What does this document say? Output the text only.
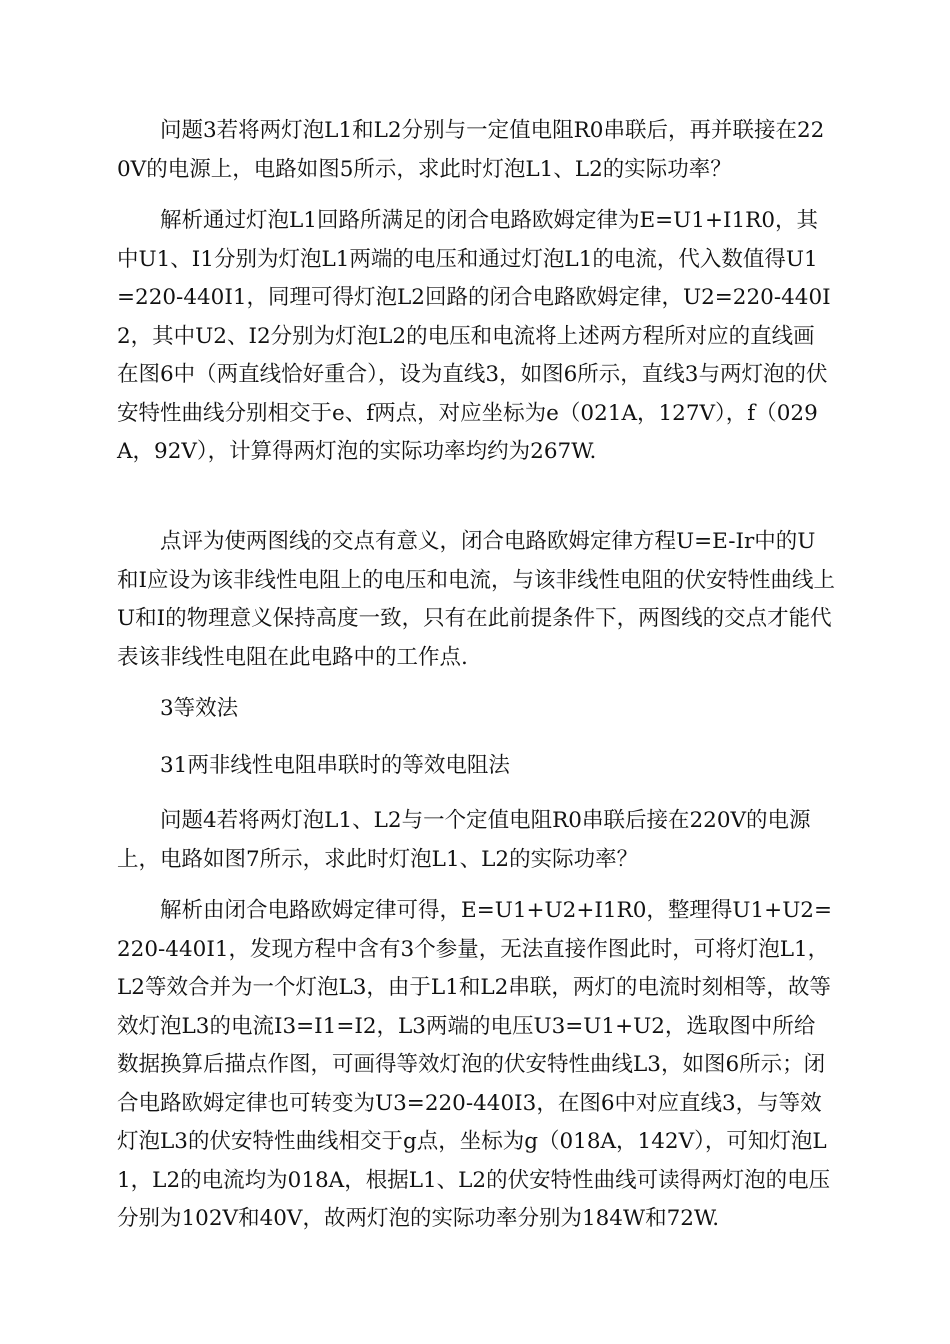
问题3若将两灯泡L1和L2分别与一定值电阻R0串联后，再并联接在220V的电源上，电路如图5所示，求此时灯泡L1、L2的实际功率？

解析通过灯泡L1回路所满足的闭合电路欧姆定律为E=U1+I1R0，其中U1、I1分别为灯泡L1两端的电压和通过灯泡L1的电流，代入数值得U1=220-440I1，同理可得灯泡L2回路的闭合电路欧姆定律，U2=220-440I2，其中U2、I2分别为灯泡L2的电压和电流将上述两方程所对应的直线画在图6中（两直线恰好重合），设为直线3，如图6所示，直线3与两灯泡的伏安特性曲线分别相交于e、f两点，对应坐标为e（021A，127V），f（029A，92V），计算得两灯泡的实际功率均约为267W.

点评为使两图线的交点有意义，闭合电路欧姆定律方程U=E-Ir中的U和I应设为该非线性电阻上的电压和电流，与该非线性电阻的伏安特性曲线上U和I的物理意义保持高度一致，只有在此前提条件下，两图线的交点才能代表该非线性电阻在此电路中的工作点.

3等效法

31两非线性电阻串联时的等效电阻法

问题4若将两灯泡L1、L2与一个定值电阻R0串联后接在220V的电源上，电路如图7所示，求此时灯泡L1、L2的实际功率？

解析由闭合电路欧姆定律可得，E=U1+U2+I1R0，整理得U1+U2=220-440I1，发现方程中含有3个参量，无法直接作图此时，可将灯泡L1，L2等效合并为一个灯泡L3，由于L1和L2串联，两灯的电流时刻相等，故等效灯泡L3的电流I3=I1=I2，L3两端的电压U3=U1+U2，选取图中所给数据换算后描点作图，可画得等效灯泡的伏安特性曲线L3，如图6所示；闭合电路欧姆定律也可转变为U3=220-440I3，在图6中对应直线3，与等效灯泡L3的伏安特性曲线相交于g点，坐标为g（018A，142V），可知灯泡L1，L2的电流均为018A，根据L1、L2的伏安特性曲线可读得两灯泡的电压分别为102V和40V，故两灯泡的实际功率分别为184W和72W.
